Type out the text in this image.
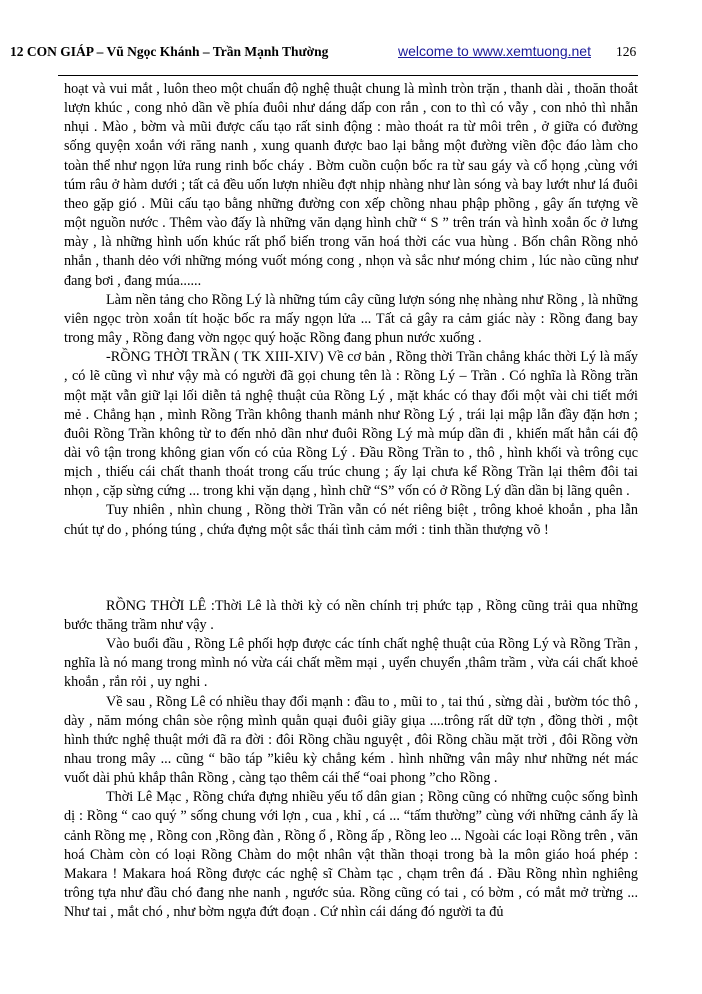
12 CON GIÁP – Vũ Ngọc Khánh – Trần Mạnh Thường	welcome to www.xemtuong.net 126

hoạt và vui mắt , luôn theo một chuẩn độ nghệ thuật chung là mình tròn trặn , thanh dài , thoăn thoắt lượn khúc , cong nhỏ dần về phía đuôi như dáng dấp con rắn , con to thì có vẫy , con nhỏ thì nhẵn nhụi . Mào , bờm và mũi được cấu tạo rất sinh động : mào thoát ra từ môi trên , ở giữa có đường sống quyện xoắn với răng nanh , xung quanh được bao lại bằng một đường viền độc đáo làm cho toàn thể như ngọn lửa rung rinh bốc cháy . Bờm cuồn cuộn bốc ra từ sau gáy và cổ họng ,cùng với túm râu ở hàm dưới ; tất cả đều uốn lượn nhiều đợt nhịp nhàng như làn sóng và bay lướt như lá đuôi theo gặp gió . Mũi cấu tạo bằng những đường con xếp chồng nhau phập phồng , gây ấn tượng về một nguồn nước . Thêm vào đấy là những văn dạng hình chữ “ S ” trên trán và hình xoắn ốc ở lưng mày , là những hình uốn khúc rất phổ biến trong văn hoá thời các vua hùng . Bốn chân Rồng nhỏ nhắn , thanh dẻo với những móng vuốt móng cong , nhọn và sắc như móng chim , lúc nào cũng như đang bơi , đang múa......

Làm nền tảng cho Rồng Lý là những túm cây cũng lượn sóng nhẹ nhàng như Rồng , là những viên ngọc tròn xoắn tít hoặc bốc ra mấy ngọn lửa ... Tất cả gây ra cảm giác này : Rồng đang bay trong mây , Rồng đang vờn ngọc quý hoặc Rồng đang phun nước xuống .

-RỒNG THỜI TRẦN ( TK XIII-XIV) Về cơ bản , Rồng thời Trần chẳng khác thời Lý là mấy , có lẽ cũng vì như vậy mà có người đã gọi chung tên là : Rồng Lý – Trần . Có nghĩa là Rồng trần một mặt vẫn giữ lại lối diễn tả nghệ thuật của Rồng Lý , mặt khác có thay đổi một vài chi tiết mới mẻ . Chẳng hạn , mình Rồng Trần không thanh mảnh như Rồng Lý , trái lại mập lẵn đầy đặn hơn ; đuôi Rồng Trần không từ to đến nhỏ dần như đuôi Rồng Lý mà múp dần đi , khiến mất hẳn cái độ dài vô tận trong không gian vốn có của Rồng Lý . Đầu Rồng Trần to , thô , hình khối và trông cục mịch , thiếu cái chất thanh thoát trong cấu trúc chung ; ấy lại chưa kể Rồng Trần lại thêm đôi tai nhọn , cặp sừng cứng ... trong khi vặn dạng , hình chữ “S” vốn có ở Rồng Lý dần dần bị lãng quên .

Tuy nhiên , nhìn chung , Rồng thời Trần vẫn có nét riêng biệt , trông khoẻ khoắn , pha lẫn chút tự do , phóng túng , chứa đựng một sắc thái tình cảm mới : tinh thần thượng võ !

RỒNG THỜI LÊ :Thời Lê là thời kỳ có nền chính trị phức tạp , Rồng cũng trải qua những bước thăng trầm như vậy .

Vào buổi đầu , Rồng Lê phối hợp được các tính chất nghệ thuật của Rồng Lý và Rồng Trần , nghĩa là nó mang trong mình nó vừa cái chất mềm mại , uyển chuyển ,thâm trầm , vừa cái chất khoẻ khoắn , rắn rỏi , uy nghi .

Về sau , Rồng Lê có nhiều thay đổi mạnh : đầu to , mũi to , tai thú , sừng dài , bườm tóc thô , dày , năm móng chân sòe rộng mình quằn quại đuôi giãy giụa ....trông rất dữ tợn , đồng thời , một hình thức nghệ thuật mới đã ra đời : đôi Rồng chầu nguyệt , đôi Rồng chầu mặt trời , đôi Rồng vờn nhau trong mây ... cũng “ bão táp ”kiêu kỳ chẳng kém . hình những vân mây như những nét mác vuốt dài phủ khắp thân Rồng , càng tạo thêm cái thế “oai phong ”cho Rồng .

Thời Lê Mạc , Rồng chứa đựng nhiều yếu tố dân gian ; Rồng cũng có những cuộc sống bình dị : Rồng “ cao quý ” sống chung với lợn , cua , khỉ , cá ... “tấm thường” cùng với những cảnh ấy là cảnh Rồng mẹ , Rồng con ,Rồng đàn , Rồng ổ , Rồng ấp , Rồng leo ... Ngoài các loại Rồng trên , văn hoá Chàm còn có loại Rồng Chàm do một nhân vật thần thoại trong bà la môn giáo hoá phép : Makara ! Makara hoá Rồng được các nghệ sĩ Chàm tạc , chạm trên đá . Đầu Rồng nhìn nghiêng trông tựa như đầu chó đang nhe nanh , ngước sủa. Rồng cũng có tai , có bờm , có mắt mở trừng ... Như tai , mắt chó , như bờm ngựa đứt đoạn . Cứ nhìn cái dáng đó người ta đủ
